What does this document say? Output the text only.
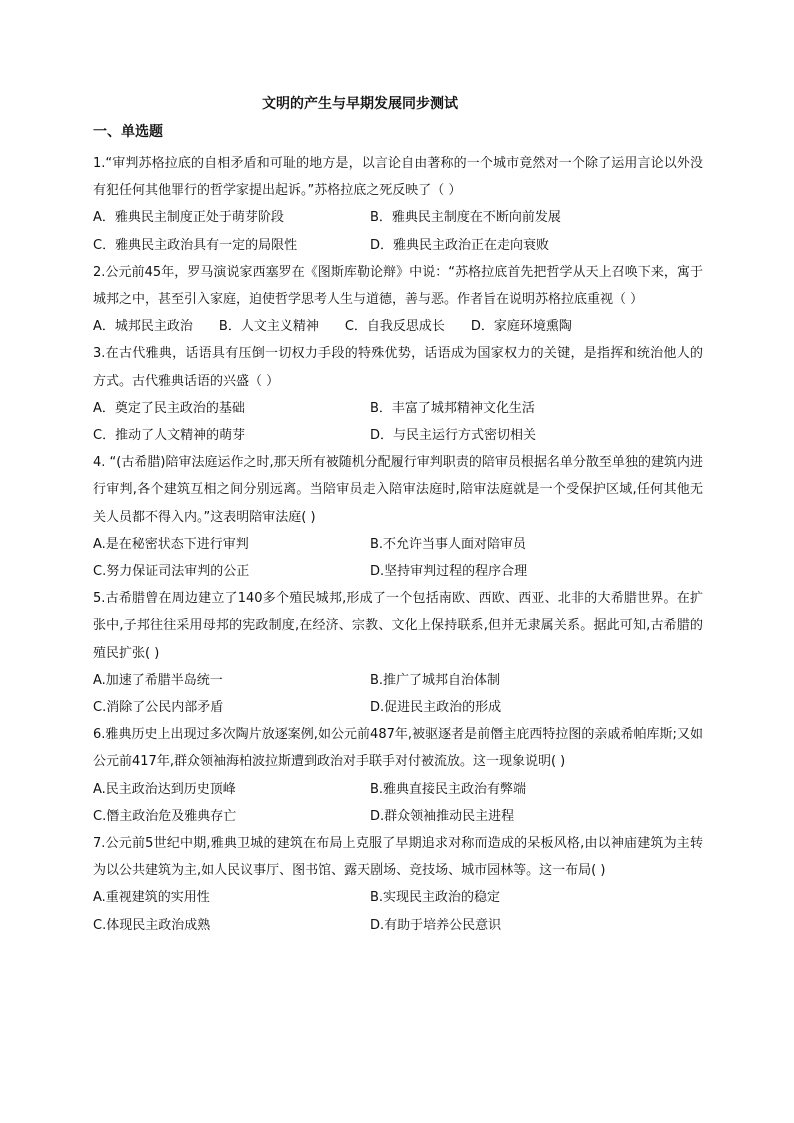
文明的产生与早期发展同步测试
一、单选题

1.“审判苏格拉底的自相矛盾和可耻的地方是，以言论自由著称的一个城市竟然对一个除了运用言论以外没有犯任何其他罪行的哲学家提出起诉。”苏格拉底之死反映了（ ）

A．雅典民主制度正处于萌芽阶段	B．雅典民主制度在不断向前发展
C．雅典民主政治具有一定的局限性	D．雅典民主政治正在走向衰败

2.公元前45年，罗马演说家西塞罗在《图斯库勒论辩》中说：“苏格拉底首先把哲学从天上召唤下来，寓于城邦之中，甚至引入家庭，迫使哲学思考人生与道德，善与恶。作者旨在说明苏格拉底重视（ ）

A．城邦民主政治 B．人文主义精神 C．自我反思成长 D．家庭环境熏陶

3.在古代雅典，话语具有压倒一切权力手段的特殊优势，话语成为国家权力的关键，是指挥和统治他人的方式。古代雅典话语的兴盛（ ）

A．奠定了民主政治的基础	B．丰富了城邦精神文化生活
C．推动了人文精神的萌芽	D．与民主运行方式密切相关

4. “(古希腊)陪审法庭运作之时,那天所有被随机分配履行审判职责的陪审员根据名单分散至单独的建筑内进行审判,各个建筑互相之间分别远离。当陪审员走入陪审法庭时,陪审法庭就是一个受保护区域,任何其他无关人员都不得入内。”这表明陪审法庭( )

A.是在秘密状态下进行审判	B.不允许当事人面对陪审员
C.努力保证司法审判的公正	D.坚持审判过程的程序合理

5.古希腊曾在周边建立了140多个殖民城邦,形成了一个包括南欧、西欧、西亚、北非的大希腊世界。在扩张中,子邦往往采用母邦的宪政制度,在经济、宗教、文化上保持联系,但并无隶属关系。据此可知,古希腊的殖民扩张( )

A.加速了希腊半岛统一	B.推广了城邦自治体制
C.消除了公民内部矛盾	D.促进民主政治的形成

6.雅典历史上出现过多次陶片放逐案例,如公元前487年,被驱逐者是前僭主庇西特拉图的亲戚希帕库斯;又如公元前417年,群众领袖海柏波拉斯遭到政治对手联手对付被流放。这一现象说明( )

A.民主政治达到历史顶峰	B.雅典直接民主政治有弊端
C.僭主政治危及雅典存亡	D.群众领袖推动民主进程

7.公元前5世纪中期,雅典卫城的建筑在布局上克服了早期追求对称而造成的呆板风格,由以神庙建筑为主转为以公共建筑为主,如人民议事厅、图书馆、露天剧场、竞技场、城市园林等。这一布局( )

A.重视建筑的实用性	B.实现民主政治的稳定
C.体现民主政治成熟	D.有助于培养公民意识
